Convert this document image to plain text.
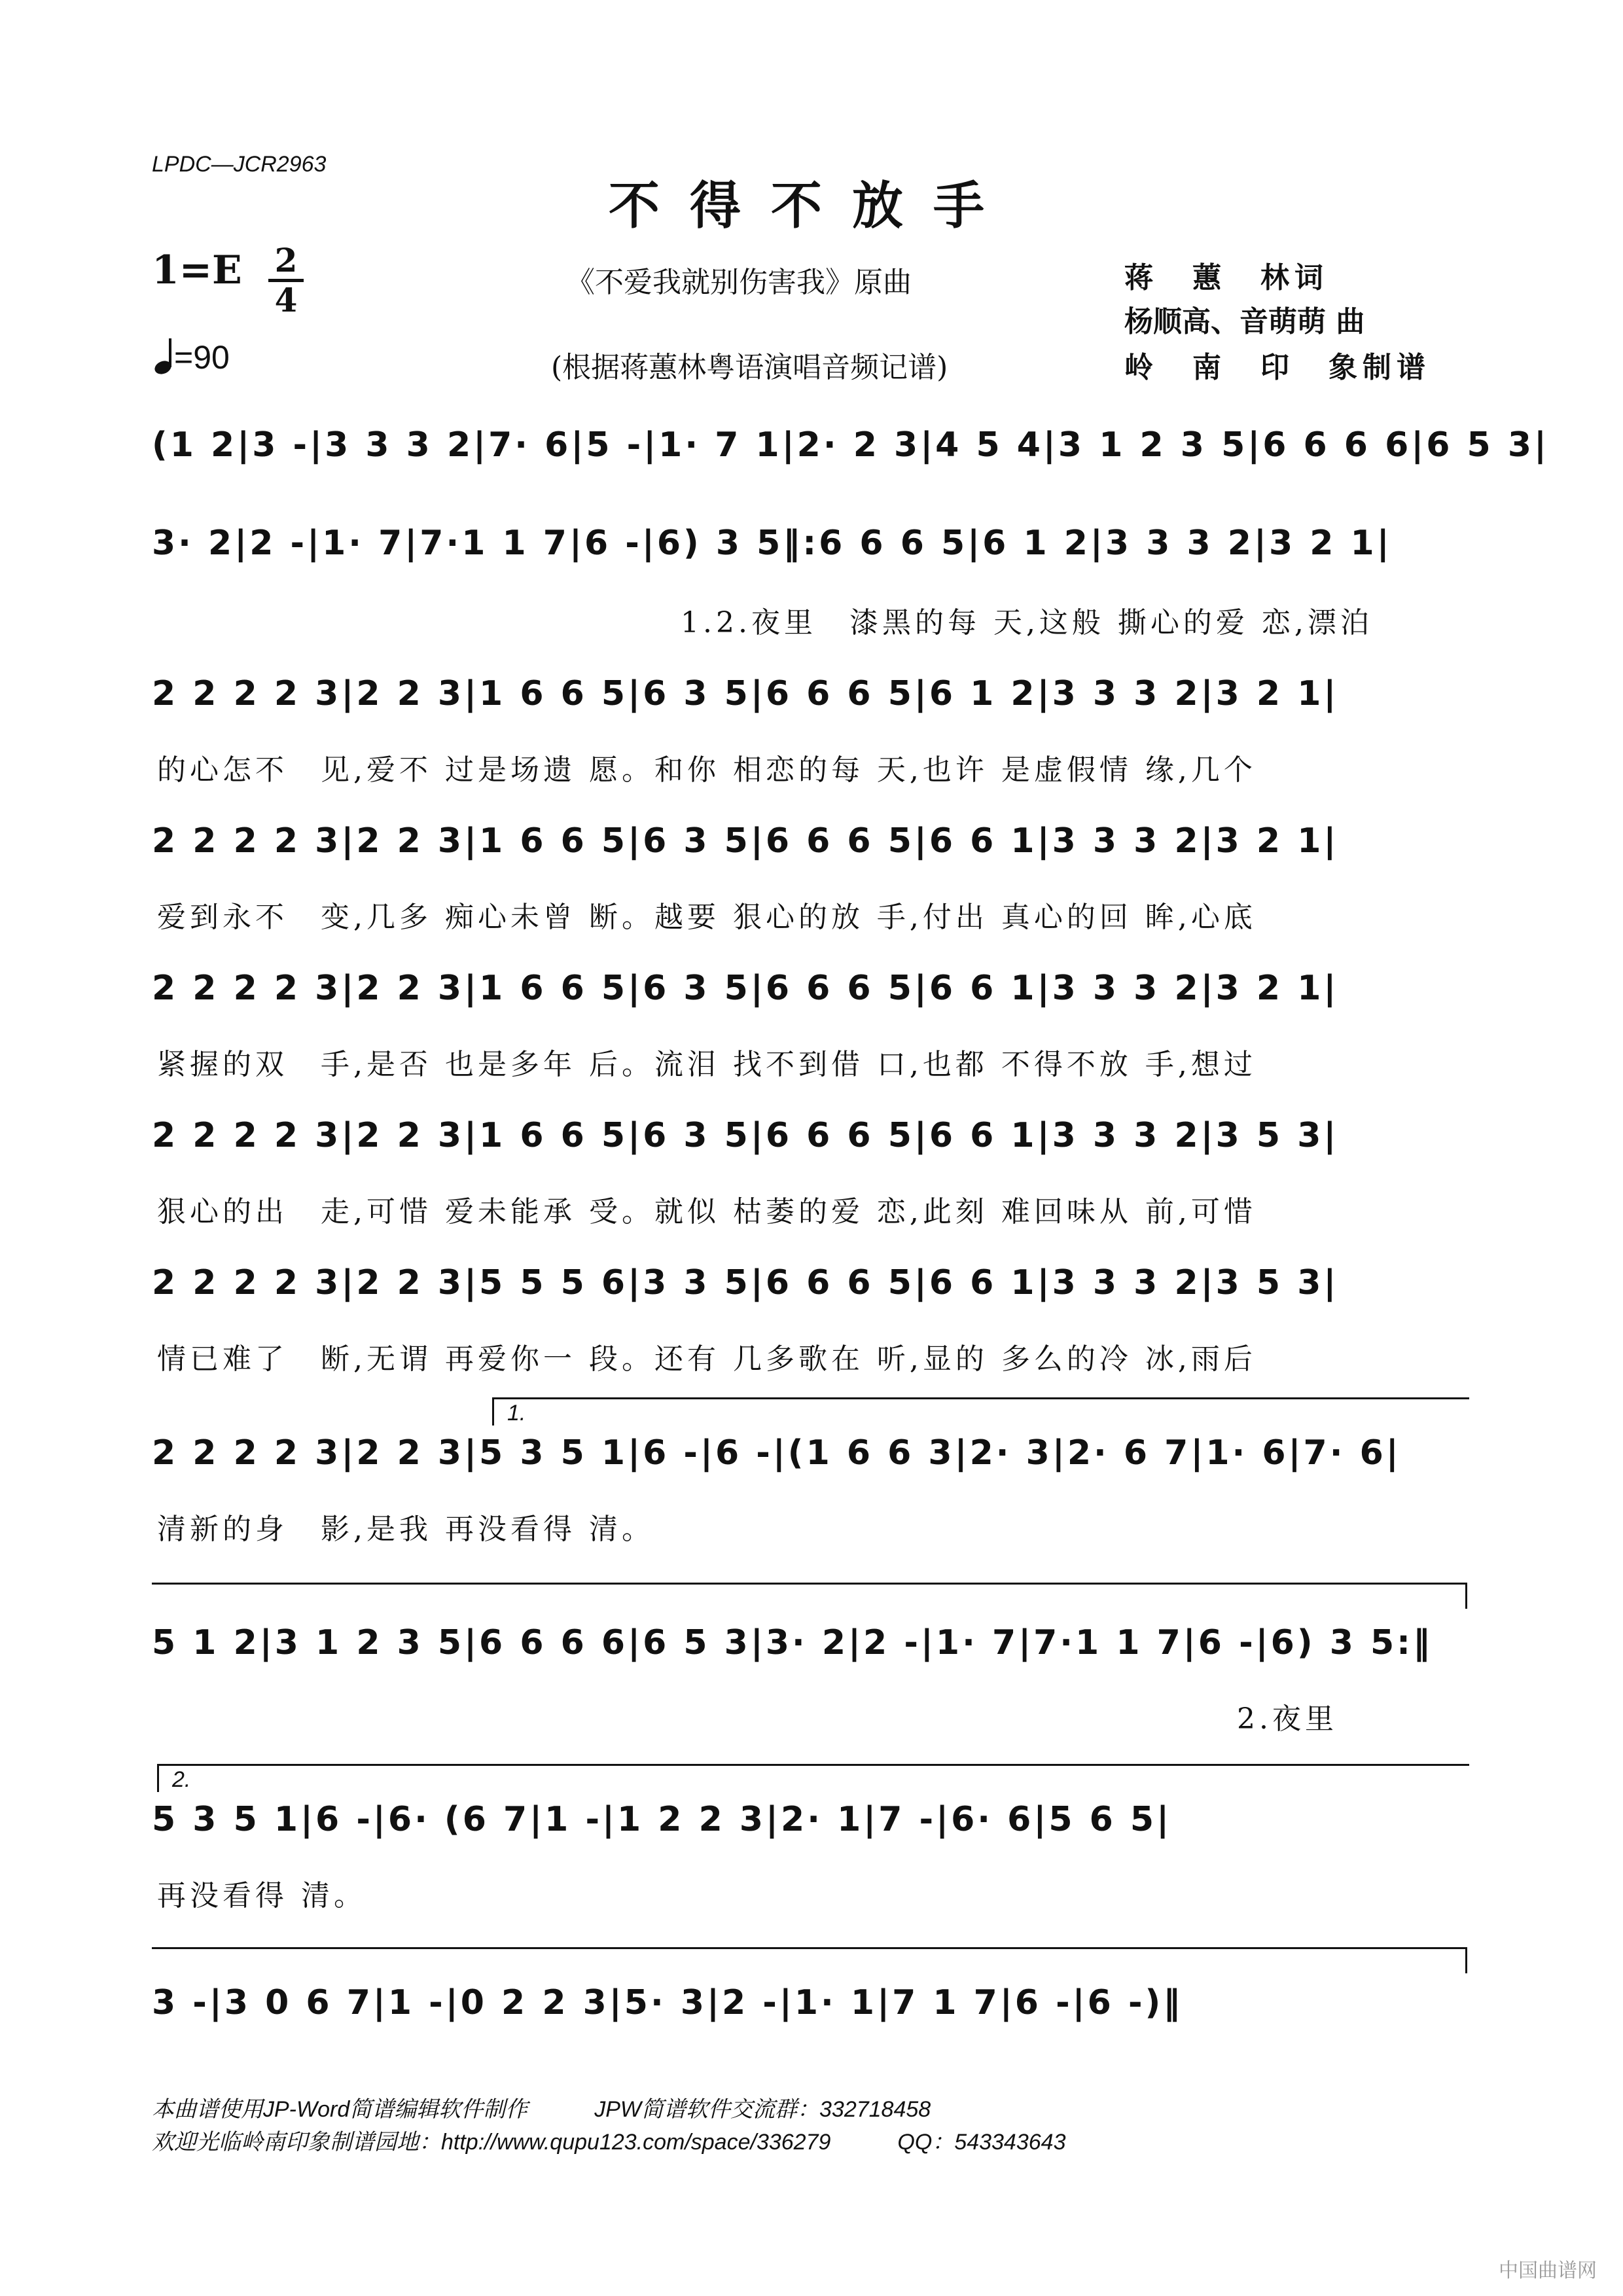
LPDC—JCR2963
不得不放手
1=E 2
4
=90
《不爱我就别伤害我》原曲
(根据蒋蕙林粤语演唱音频记谱)
蒋　蕙　林词
杨顺高、音萌萌 曲
岭　南　印　象制谱
(1 2|3 -|3 3 3 2|7· 6|5 -|1· 7 1|2· 2 3|4 5 4|3 1 2 3 5|6 6 6 6|6 5 3|
3· 2|2 -|1· 7|7·1 1 7|6 -|6) 3 5‖:6 6 6 5|6 1 2|3 3 3 2|3 2 1|
1.2.夜里　漆黑的每 天,这般 撕心的爱 恋,漂泊
2 2 2 2 3|2 2 3|1 6 6 5|6 3 5|6 6 6 5|6 1 2|3 3 3 2|3 2 1|
的心怎不　见,爱不 过是场遗 愿。和你 相恋的每 天,也许 是虚假情 缘,几个
2 2 2 2 3|2 2 3|1 6 6 5|6 3 5|6 6 6 5|6 6 1|3 3 3 2|3 2 1|
爱到永不　变,几多 痴心未曾 断。越要 狠心的放 手,付出 真心的回 眸,心底
2 2 2 2 3|2 2 3|1 6 6 5|6 3 5|6 6 6 5|6 6 1|3 3 3 2|3 2 1|
紧握的双　手,是否 也是多年 后。流泪 找不到借 口,也都 不得不放 手,想过
2 2 2 2 3|2 2 3|1 6 6 5|6 3 5|6 6 6 5|6 6 1|3 3 3 2|3 5 3|
狠心的出　走,可惜 爱未能承 受。就似 枯萎的爱 恋,此刻 难回味从 前,可惜
2 2 2 2 3|2 2 3|5 5 5 6|3 3 5|6 6 6 5|6 6 1|3 3 3 2|3 5 3|
情已难了　断,无谓 再爱你一 段。还有 几多歌在 听,显的 多么的冷 冰,雨后
1.
2 2 2 2 3|2 2 3|5 3 5 1|6 -|6 -|(1 6 6 3|2· 3|2· 6 7|1· 6|7· 6|
清新的身　影,是我 再没看得 清。
5 1 2|3 1 2 3 5|6 6 6 6|6 5 3|3· 2|2 -|1· 7|7·1 1 7|6 -|6) 3 5:‖
　　　　　　　　　　　　　　　　　　　　　　　　　　　　　　　　　2.夜里
2.
5 3 5 1|6 -|6· (6 7|1 -|1 2 2 3|2· 1|7 -|6· 6|5 6 5|
再没看得 清。
3 -|3 0 6 7|1 -|0 2 2 3|5· 3|2 -|1· 1|7 1 7|6 -|6 -)‖
本曲谱使用JP-Word简谱编辑软件制作　　　JPW简谱软件交流群：332718458
欢迎光临岭南印象制谱园地：http://www.qupu123.com/space/336279　　　QQ：543343643
中国曲谱网
